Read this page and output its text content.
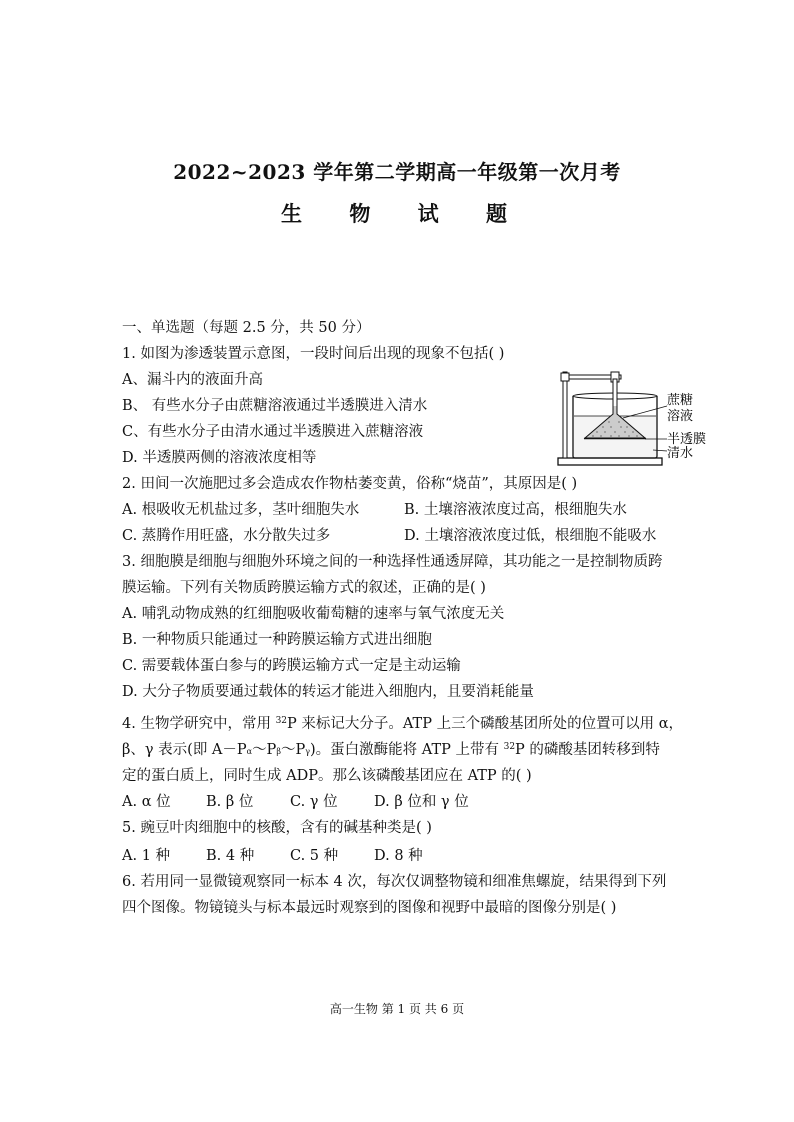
2022~2023 学年第二学期高一年级第一次月考
生 物 试 题
一、单选题（每题 2.5 分，共 50 分）
1. 如图为渗透装置示意图，一段时间后出现的现象不包括( )
A、漏斗内的液面升高
B、 有些水分子由蔗糖溶液通过半透膜进入清水
C、有些水分子由清水通过半透膜进入蔗糖溶液
D. 半透膜两侧的溶液浓度相等
蔗糖
溶液
半透膜
清水
2. 田间一次施肥过多会造成农作物枯萎变黄，俗称“烧苗”，其原因是( )
A. 根吸收无机盐过多，茎叶细胞失水	B. 土壤溶液浓度过高，根细胞失水
C. 蒸腾作用旺盛，水分散失过多	D. 土壤溶液浓度过低，根细胞不能吸水
3. 细胞膜是细胞与细胞外环境之间的一种选择性通透屏障，其功能之一是控制物质跨
膜运输。下列有关物质跨膜运输方式的叙述，正确的是( )
A. 哺乳动物成熟的红细胞吸收葡萄糖的速率与氧气浓度无关
B. 一种物质只能通过一种跨膜运输方式进出细胞
C. 需要载体蛋白参与的跨膜运输方式一定是主动运输
D. 大分子物质要通过载体的转运才能进入细胞内，且要消耗能量
4. 生物学研究中，常用 $^{32}$P 来标记大分子。ATP 上三个磷酸基团所处的位置可以用 α，
β、γ 表示(即 A－Pα～Pβ～Pγ)。蛋白激酶能将 ATP 上带有 $^{32}$P 的磷酸基团转移到特
定的蛋白质上，同时生成 ADP。那么该磷酸基团应在 ATP 的( )
A. α 位 B. β 位	C. γ 位	D. β 位和 γ 位
5. 豌豆叶肉细胞中的核酸，含有的碱基种类是( )
A. 1 种 B. 4 种 C. 5 种 D. 8 种
6. 若用同一显微镜观察同一标本 4 次，每次仅调整物镜和细准焦螺旋，结果得到下列
四个图像。物镜镜头与标本最远时观察到的图像和视野中最暗的图像分别是( )
高一生物 第 1 页 共 6 页
